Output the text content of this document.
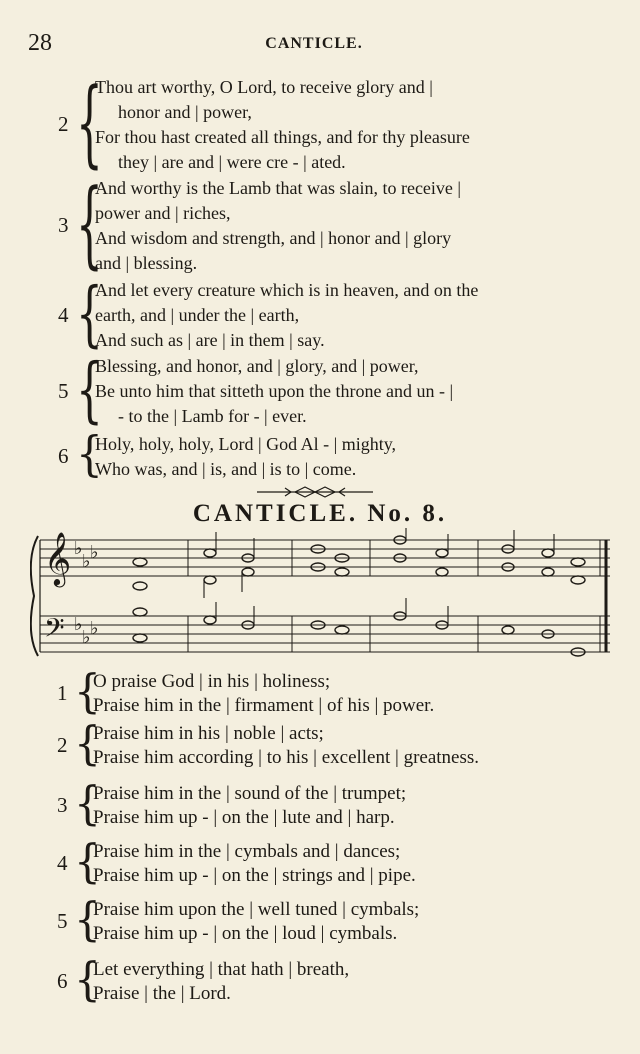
28	CANTICLE.
2 {
Thou art worthy, O Lord, to receive glory and |
honor and | power,
For thou hast created all things, and for thy pleasure
they | are and | were cre - | ated.
3 {
And worthy is the Lamb that was slain, to receive |
power and | riches,
And wisdom and strength, and | honor and | glory
and | blessing.
4 {
And let every creature which is in heaven, and on the
earth, and | under the | earth,
And such as | are | in them | say.
5 {
Blessing, and honor, and | glory, and | power,
Be unto him that sitteth upon the throne and un - |
- to the | Lamb for - | ever.
6 {
Holy, holy, holy, Lord | God Al - | mighty,
Who was, and | is, and | is to | come.
CANTICLE. No. 8.
𝄞
𝄢
♭
♭ ♭
♭
♭ ♭
1 {
O praise God | in his | holiness;
Praise him in the | firmament | of his | power.
2 {
Praise him in his | noble | acts;
Praise him according | to his | excellent | greatness.
3 {
Praise him in the | sound of the | trumpet;
Praise him up - | on the | lute and | harp.
4 {
Praise him in the | cymbals and | dances;
Praise him up - | on the | strings and | pipe.
5 {
Praise him upon the | well tuned | cymbals;
Praise him up - | on the | loud | cymbals.
6 {
Let everything | that hath | breath,
Praise | the | Lord.
